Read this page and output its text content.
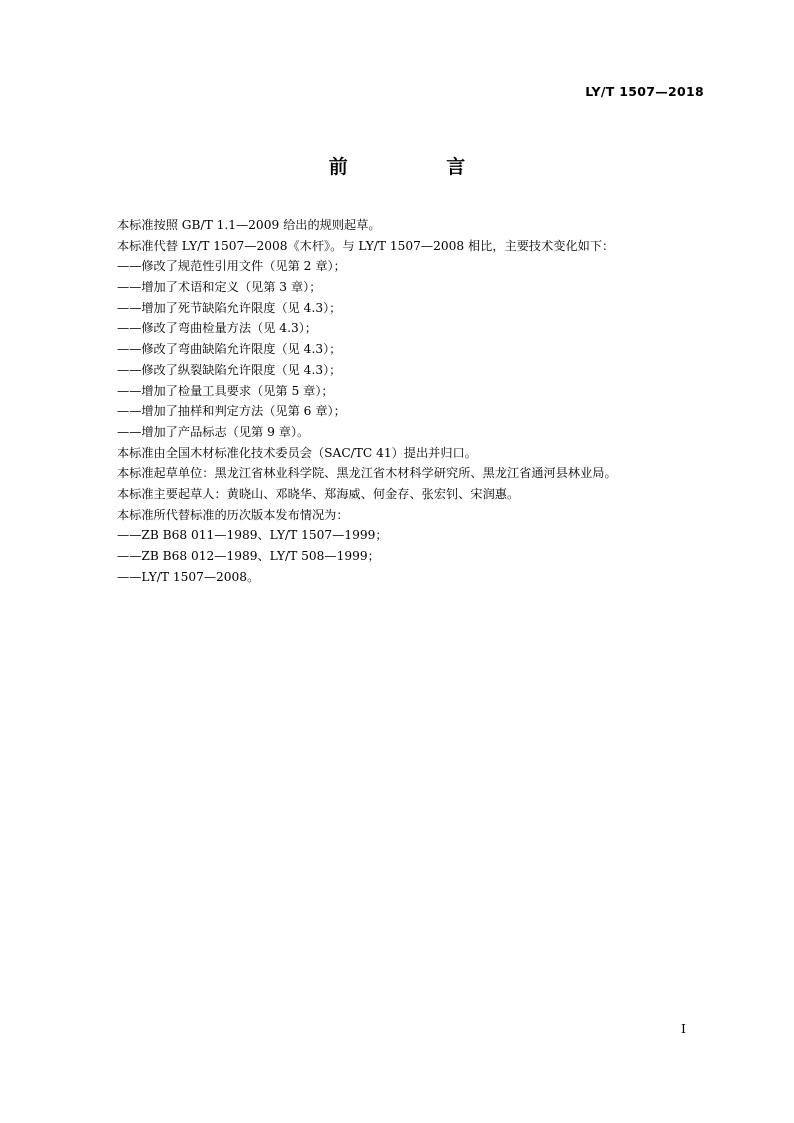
LY/T 1507—2018
前 言
本标准按照 GB/T 1.1—2009 给出的规则起草。
本标准代替 LY/T 1507—2008《木杆》。与 LY/T 1507—2008 相比，主要技术变化如下：
——修改了规范性引用文件（见第 2 章）；
——增加了术语和定义（见第 3 章）；
——增加了死节缺陷允许限度（见 4.3）；
——修改了弯曲检量方法（见 4.3）；
——修改了弯曲缺陷允许限度（见 4.3）；
——修改了纵裂缺陷允许限度（见 4.3）；
——增加了检量工具要求（见第 5 章）；
——增加了抽样和判定方法（见第 6 章）；
——增加了产品标志（见第 9 章）。
本标准由全国木材标准化技术委员会（SAC/TC 41）提出并归口。
本标准起草单位：黑龙江省林业科学院、黑龙江省木材科学研究所、黑龙江省通河县林业局。
本标准主要起草人：黄晓山、邓晓华、郑海威、何金存、张宏钊、宋润惠。
本标准所代替标准的历次版本发布情况为：
——ZB B68 011—1989、LY/T 1507—1999；
——ZB B68 012—1989、LY/T 508—1999；
——LY/T 1507—2008。
I
